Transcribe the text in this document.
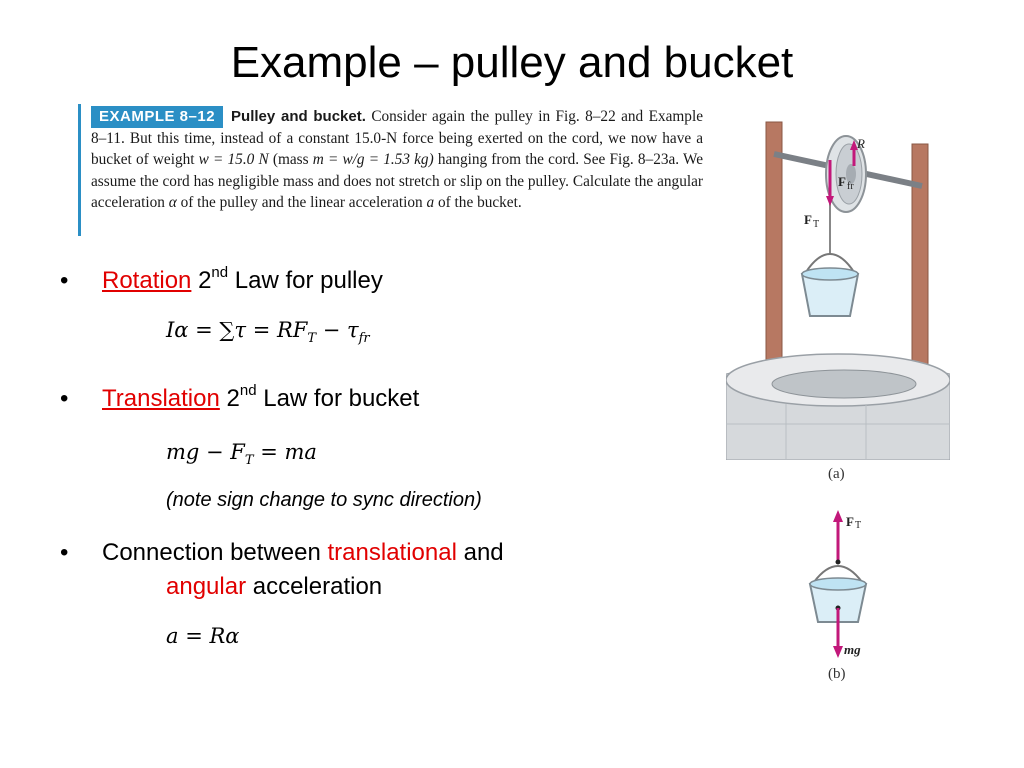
Example – pulley and bucket
EXAMPLE 8–12 Pulley and bucket. Consider again the pulley in Fig. 8–22 and Example 8–11. But this time, instead of a constant 15.0-N force being exerted on the cord, we now have a bucket of weight w = 15.0 N (mass m = w/g = 1.53 kg) hanging from the cord. See Fig. 8–23a. We assume the cord has negligible mass and does not stretch or slip on the pulley. Calculate the angular acceleration α of the pulley and the linear acceleration a of the bucket.
• Rotation 2nd Law for pulley
$I\alpha = \sum\tau = RF_T - \tau_{fr}$
• Translation 2nd Law for bucket
mg − $F_T$ = ma
(note sign change to sync direction)
• Connection between translational and
angular acceleration
a = Rα
R
F fr
F T
(a)
F T
mg
(b)
